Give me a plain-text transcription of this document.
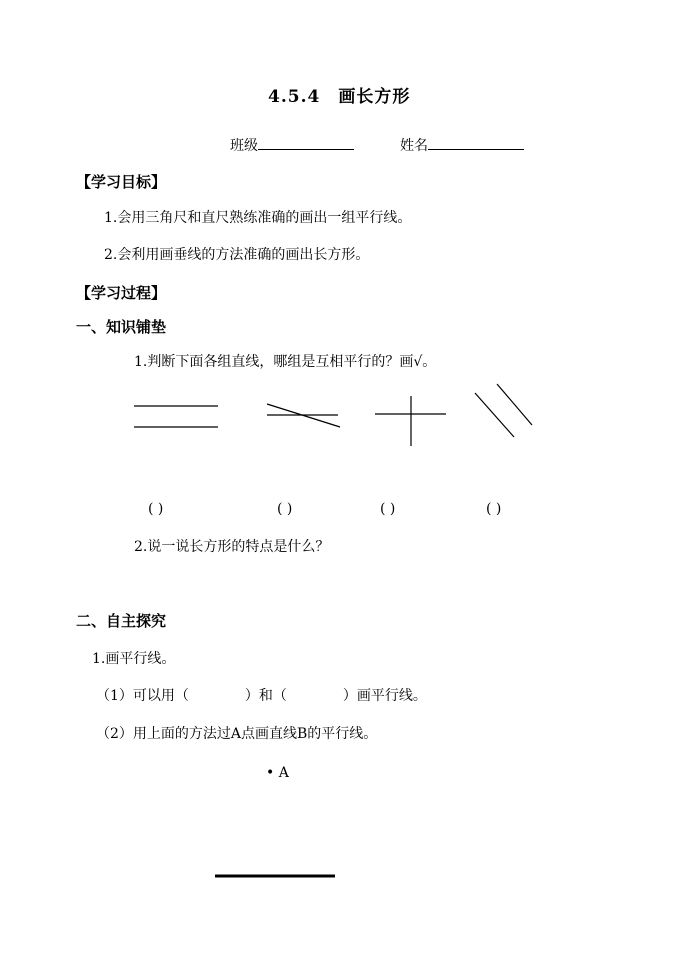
4.5.4　画长方形
班级	姓名
【学习目标】
1.会用三角尺和直尺熟练准确的画出一组平行线。
2.会利用画垂线的方法准确的画出长方形。
【学习过程】
一、知识铺垫
1.判断下面各组直线，哪组是互相平行的？画√。
( )	( )	( )	( )
2.说一说长方形的特点是什么？
二、自主探究
1.画平行线。
（1）可以用（　　　　）和（　　　　）画平行线。
（2）用上面的方法过A点画直线B的平行线。
• A
